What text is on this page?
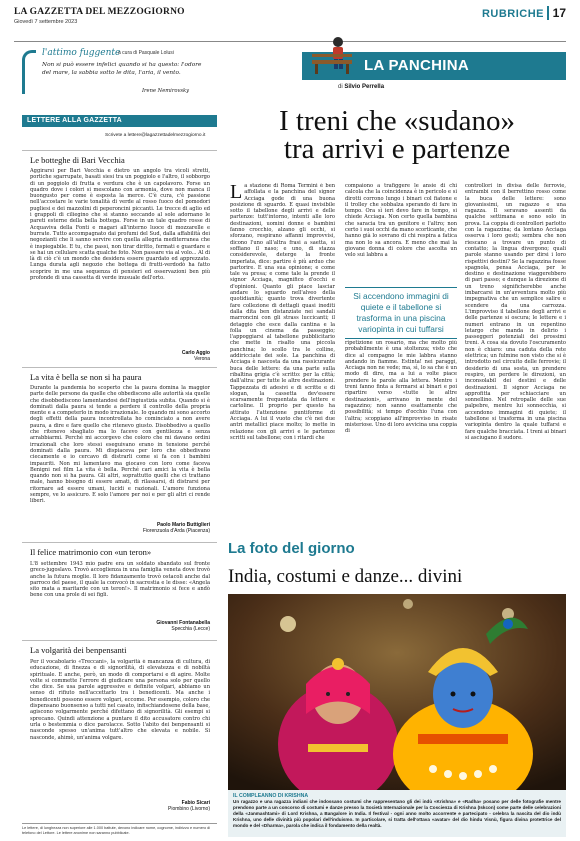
LA GAZZETTA DEL MEZZOGIORNO
Giovedì 7 settembre 2023
RUBRICHE 17
l'attimo fuggente
a cura di Pasquale Lolusi
Non si può essere infelici quando si ha questo: l'odore del mare, la sabbia sotto le dita, l'aria, il vento.
Irene Nemirovsky
LA PANCHINA
di Silvio Perrella
LETTERE ALLA GAZZETTA
Scrivete a lettere@lagazzettadelmezzogiorno.it	I treni che «sudano»
tra arrivi e partenze
Le botteghe di Bari Vecchia
Aggirarsi per Bari Vecchia e dietro un angolo tra vicoli stretti, portiche sgarrupate, basati siesi tra un poggiolo e l'altro, il sobborgo di un poggiolo di frutta e verdura che è un capolavoro. Forse un quadro dove i colori si mescolano con armonia, dove non manca il buongusto per come è esposta la merce. C'è cura, c'è passione nell'accostare le varie tonalità di verde al rosso fuoco del pomodori pugliesi e dei mazzolini di peperoncini piccanti. Le trecce di aglio ed i grappoli di ciliegino che si stanno seccando al sole adornano le pareti esterne della bella bottega. Forse in un tale quadro rosse di Acquaviva della Fonti e magari all'interno luoce di mozzarelle e burrate. Tutto accompagnato dai profumi del Sud, dalla affabilità dei negozianti che li sanno servire con quella allegria mediterranea che è inspiegabile. E tu, che passi, non tirar diritto, fermati e guardare e se hai un cellulare scatta qualche foto. Non passare via al volo... Al di là di ciò c'è un mondo che desidera essere guardato ed apprezzato. Lunga durata agli negozio che bottega di frutti-verdodò ha fatto scoprire in me una sequenza di pensieri ed osservazioni ben più profonde di una cassetta di verde inusuale dell'orto.
Carlo Aggio
Verona
La vita è bella se non si ha paura
Durante la pandemia ho scoperto che la paura domina la maggior parte delle persone da quelle che obbediscono alle autorità sia quelle che disobbediscono lamentandosi dell'ingiustizia subita. Quando si è dominati dalla paura si tende a perdere il controllo della propria mente e a competerlo in modo irrazionale. Io quando mi sono accorto degli effetti della paura incontrollata ho cominciato a non avere paura, a dire e fare quello che ritenevo giusto. Disobbedivo a quello che ritenevo sbagliato ma lo facevo con gentilezza e senza arrabbiarmi. Perché mi accorgevo che coloro che mi davano ordini irrazionali che loro stessi eseguivano erano in tensione perché dominati dalla paura. Mi dispiaceva per loro che obbedivano ciecamente e io cercavo di distrarli come si fa con i bambini impauriti. Non mi lamentavo ma giocavo con loro come faceva Benigni nel film La vita è bella. Perché cari amici la vita è bella quando non si ha paura. Gli altri, soprattutto quelli che ci trattano male, hanno bisogno di essere amati, di rilassarsi, di distrarsi per ritornare ad essere umani, lucidi e razionali. L'amore funziona sempre, ve lo assicuro. E solo l'amore per noi e per gli altri ci rende liberi.
Paolo Mario Buttiglieri
Fiorenzuola d'Arda (Piacenza)
Il felice matrimonio con «un teron»
L'8 settembre 1943 mio padre era un soldato sbandato sul fronte greco-jugoslavo. Trovò accoglienza in una famiglia veneta dove trovò anche la futura moglie. Il loro fidanzamento trovò ostacoli anche dal parroco del paese, il quale la convocò in sacrestia e le disse: «Angela sito mata a maritarde con un teron!». Il matrimonio si fece e andò bene con una prole di sei figli.
Giovanni Fontanabella
Specchia (Lecce)
La volgarità dei benpensanti
Per il vocabolario «Treccani», la volgarità è mancanza di cultura, di educazione, di finezza e di signorilità, di elevatezza e di nobiltà spirituale. E anche, però, un modo di comportarsi e di agire. Molte volte si commette l'errore di giudicare una persona solo per quello che dice. Se usa parole aggressive e definite volgari, abbiamo un senso di rifiuto nell'accettarlo tra i benedicenti. Ma anche i benedicenti possono essere volgari, eccome. Per esempio, coloro che dispensano buonsenso a tutti nel casato, infischiandosene della base, agiscono volgarmente perché difettano di signorilità. Gli esempi si sprecano. Quindi attenzione a puntare il dito accusatore contro chi urla o bestemmia o dice parolacce. Sotto l'abito dei benpensanti si nasconde spesso un'anima tutt'altro che elevata e nobile. Si nasconde, ahimè, un'anima volgare.
Fabio Sicari
Piombino (Livorno)
Le lettere, di lunghezza non superiore alle 1.000 battute, devono indicare nome, cognome, indirizzo e numero di telefono del Lettore. Le lettere anonime non saranno pubblicate.
L a stazione di Roma Termini è ben affollata e la panchina del signor Acciaga gode di una buona posizione di sguardo. E quasi invisibile sotto il tabellone degli arrivi e delle partenze: tutt'intorno, intenti alle loro destinazioni, uomini donne e bambini fanno crocchio, alzano gli occhi, si sforzano, respirano affanni improvvisi, dicono l'uno all'altra frasi a saetta, si soffiano il naso; e uno, di stazza considerevole, deterge la fronte imperlata, dice: partire è più arduo che partorire. E una sua opinione; e come tale va presa; e come tale la prende il signor Acciaga, magnifico d'occhi e d'opinioni. Quanto gli piace lasciar andare lo sguardo nell'alveo della quotidianità; quanto trova divertente fare collezione di dettagli quasi inediti dalla dita ben distanziate nei sandali marroncini con gli strass luccicanti; il detaggio che esce dalla cantina e la folla un cinema da passeggio; l'appoggiarsi al tabellone pubblicitario che mette in risalto una piccola panchina; lo scollo tra le colline, addiricciate dei sole. La panchina di Acciaga è nascosta da una rassicurante buca delle lettere: da una parte sulla ribaltina grigia c'è scritto: per la città; dall'altra: per tutte le altre destinazioni. Tappezzata di adesivi e di scritte e di slogan, la cassetta dev'essere scarsamente frequentata da lettere e cartoline. Il proprio per questo ha attirato l'attenzione puntiforme di Acciaga. A lui il vuoto che c'è nei due antri metallici piace molto; lo mette in relazione con gli arrivi e le partenze scritti sul tabellone; con i ritardi che
compaiono a trafiggere le ansie di chi calcola che la coincidenza è in pericolo e si dirotti corrono lungo i binari col fiatone e il trolley che sobbalza sperando di fare in tempo. Ora sì ieri devo fare in tempo, si chiede Acciaga. Non certo quella bambina che saracia tra un genitore e l'altro; non certo i suoi occhi da mano scorticante, che hanno già lo sovrano di chi respira a fatica ma non lo sa ancora. E meno che mai la giovane donna di colore che ascolta un velo sui labbra a
Si accendono immagini di quiete e il tabellone si trasforma in una piscina variopinta in cui tuffarsi
ripetizione un rosario, ma che molto più probabilmente è una stoltenza; visto che dice al compagno le mie labbra stanno andando in fiamme. Estinta! nei paraggi, Acciaga non ne vede; ma, sì, lo sa che è un modo di dire, ma a lui a volte piace prendere le parole alla lettera. Mentre i treni fanno finta a fermarsi ai binari e poi ripartire verso «tutte le altre destinazioni», arrivano in mente del ragazzino; non sanno esattamente che possibilità; si tempo d'occhio l'una con l'altra; scoppiano all'improvviso in risate misteriose. Uno di loro avvicina una coppia di
controllori in divisa delle ferrovie, entrambi con il berrettino rosso come la buca delle lettere: sono giovanissimi, un ragazzo e una ragazza. Il seravano assenti da qualche settimana e sono solo in prova. La coppia di controllori parlotto con la ragazzina; da lontano Acciaga osserva i loro gesti; sembra che non riescano a trovare un punto di contatto; la lingua divergono; quali parole stanno usando per dirsi i loro rispettivi destini? Se la ragazzina fosse spagnola, pensa Acciaga, per le destino e destinazione viaggerebbero di pari passo; e dunque la direzione di un treno significherebbe anche imbarcarsi in un'avventura molto più impegnativa che un semplice salire e scendere da una carrozza. L'improvviso il tabellone degli arrivi e delle partenze si oscura; le lettere e i numeri entrano in un repentino letargo che manda in delirio i passeggeri potenziali dei prossimi treni. A cosa sia dovuto l'oscuramento non è chiaro: una caduta della rete elettrica; un fulmine non visto che si è introdotto nel circuito delle ferrovie; il desiderio di una sosta, un prendere respiro, un perdere le direzioni, un inconsolabil dei destini e delle destinazioni. Il signor Acciaga ne approfitta per schiacciare un sonnellino. Nel retropalle delle sue palpebre, mentre lui sonnecchia, si accendono immagini di quiete; il tabellone si trasforma in una piscina variopinta dentro la quale tuffarsi e fare qualche bracciata. I treni ai binari si asciugano il sudore.
La foto del giorno
India, costumi e danze... divini
IL COMPLEANNO DI KRISHNA
Un ragazzo e una ragazza indiani che indossano costumi che rappresentano gli dei indù «Krishna» e «Radha» posano per delle fotografie mentre prendono parte a un concorso di costumi e danze presso la Società Internazionale per la Coscienza di Krishna (Iskcon) come parte delle celebrazioni della «Janmashtami» di Lord Krishna, a Bangalore in India. Il festival - ogni anno molto accorrente e partecipato - celebra la nascita del dio indù Krishna, uno delle divinità più popolari dell'induismo. In particolare, si tratta dell'ottava «avatar» del dio hindu Visnù, figura divina protettrice del mondo e del «Dharma», parola che indica il fondamento della realtà.
